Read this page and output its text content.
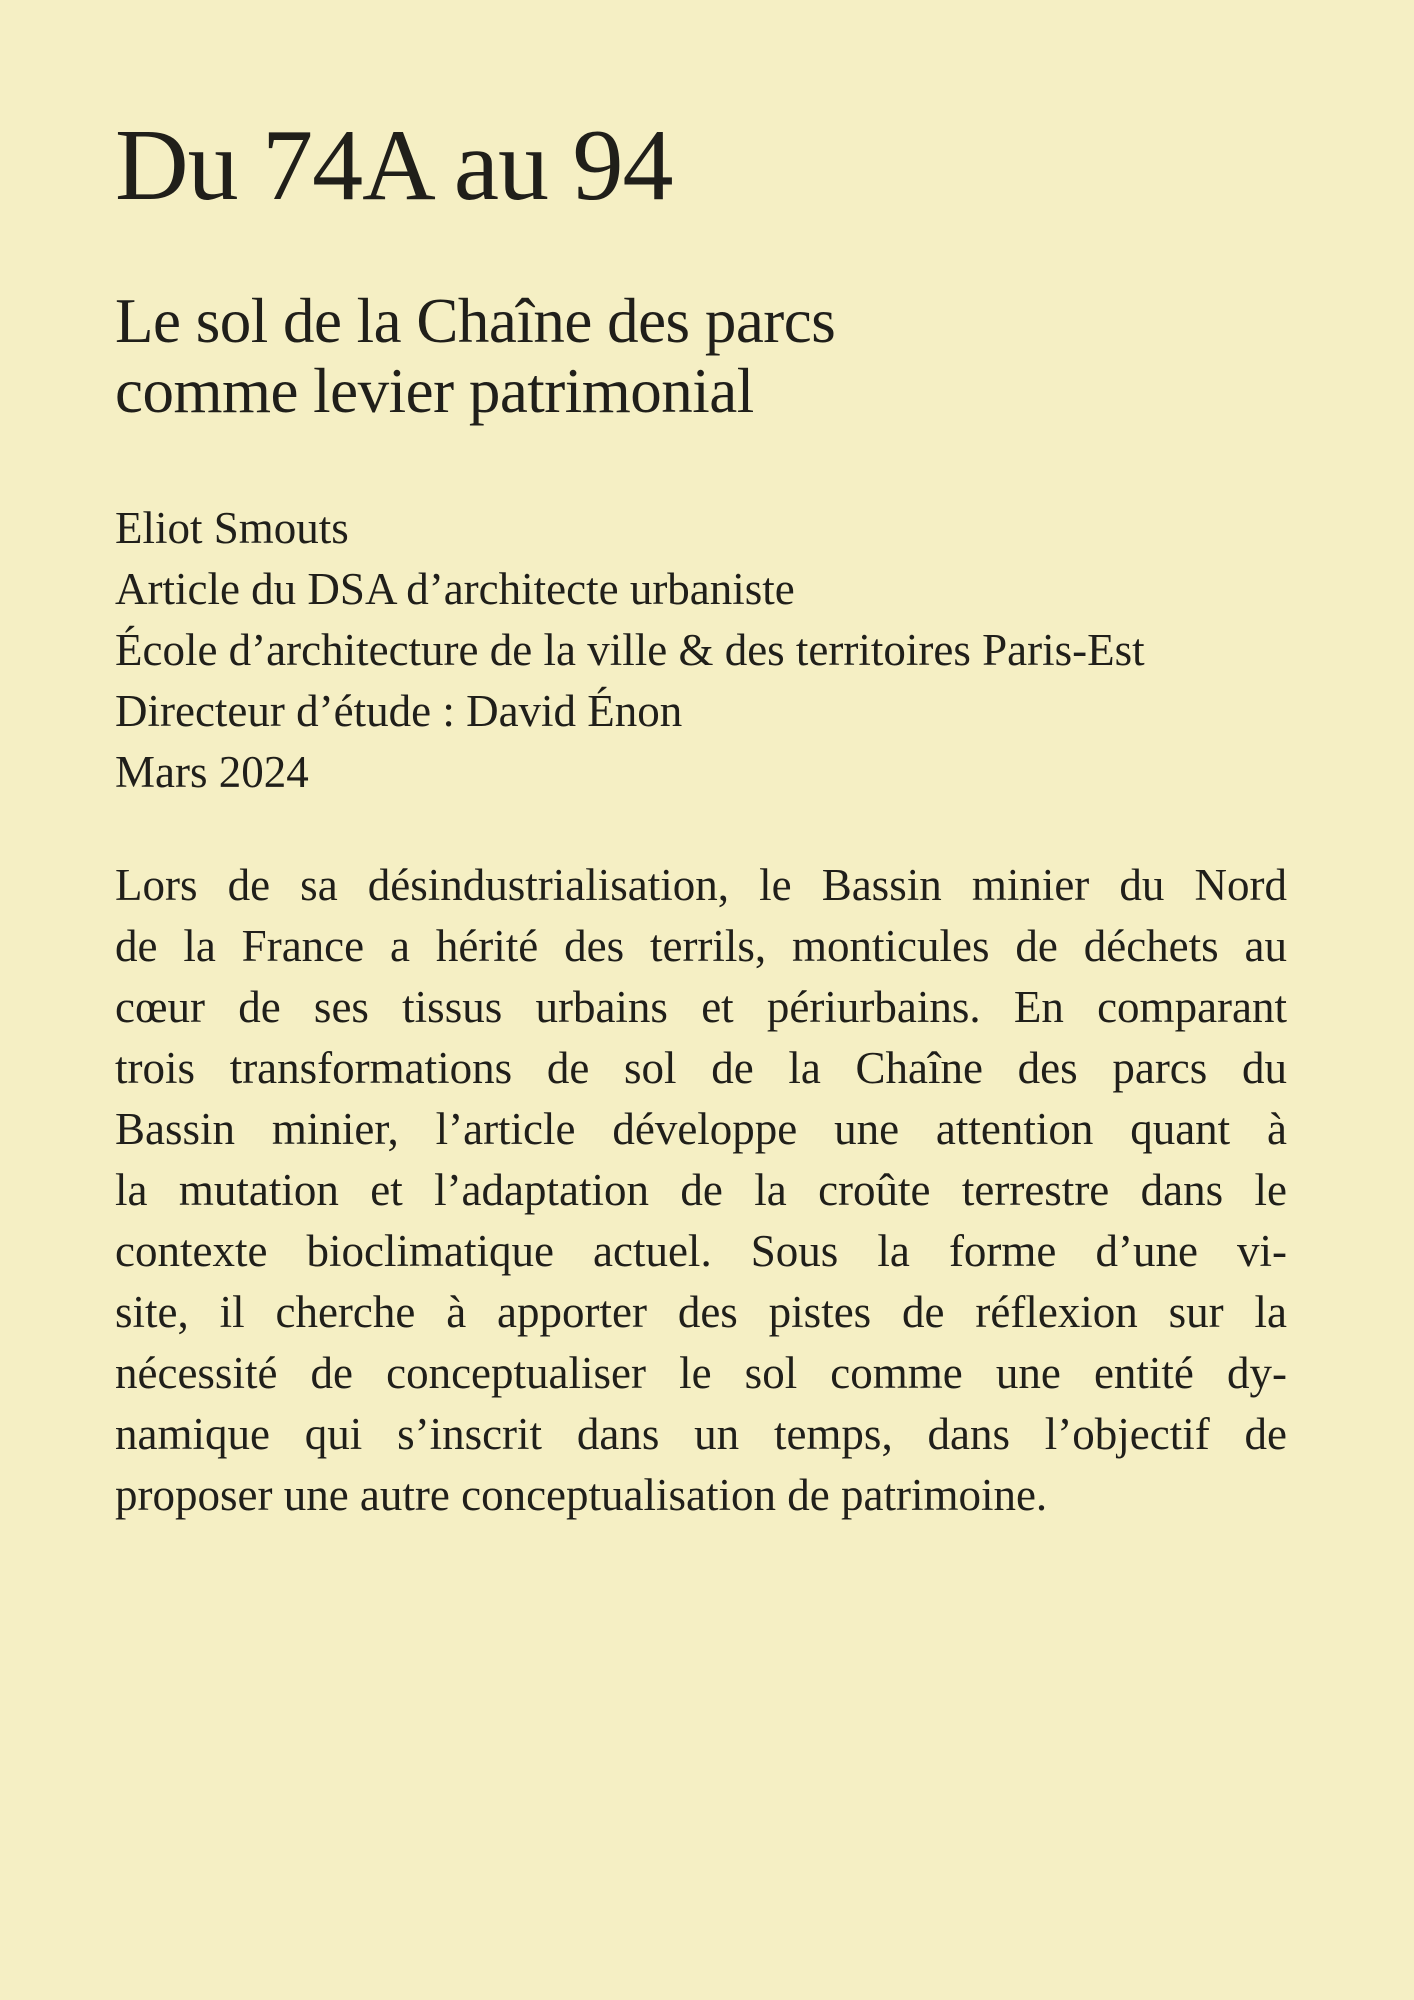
Du 74A au 94
Le sol de la Chaîne des parcs
comme levier patrimonial
Eliot Smouts
Article du DSA d’architecte urbaniste
École d’architecture de la ville & des territoires Paris-Est
Directeur d’étude : David Énon
Mars 2024
Lors de sa désindustrialisation, le Bassin minier du Nord
de la France a hérité des terrils, monticules de déchets au
cœur de ses tissus urbains et périurbains. En comparant
trois transformations de sol de la Chaîne des parcs du
Bassin minier, l’article développe une attention quant à
la mutation et l’adaptation de la croûte terrestre dans le
contexte bioclimatique actuel. Sous la forme d’une vi-
site, il cherche à apporter des pistes de réflexion sur la
nécessité de conceptualiser le sol comme une entité dy-
namique qui s’inscrit dans un temps, dans l’objectif de
proposer une autre conceptualisation de patrimoine.
